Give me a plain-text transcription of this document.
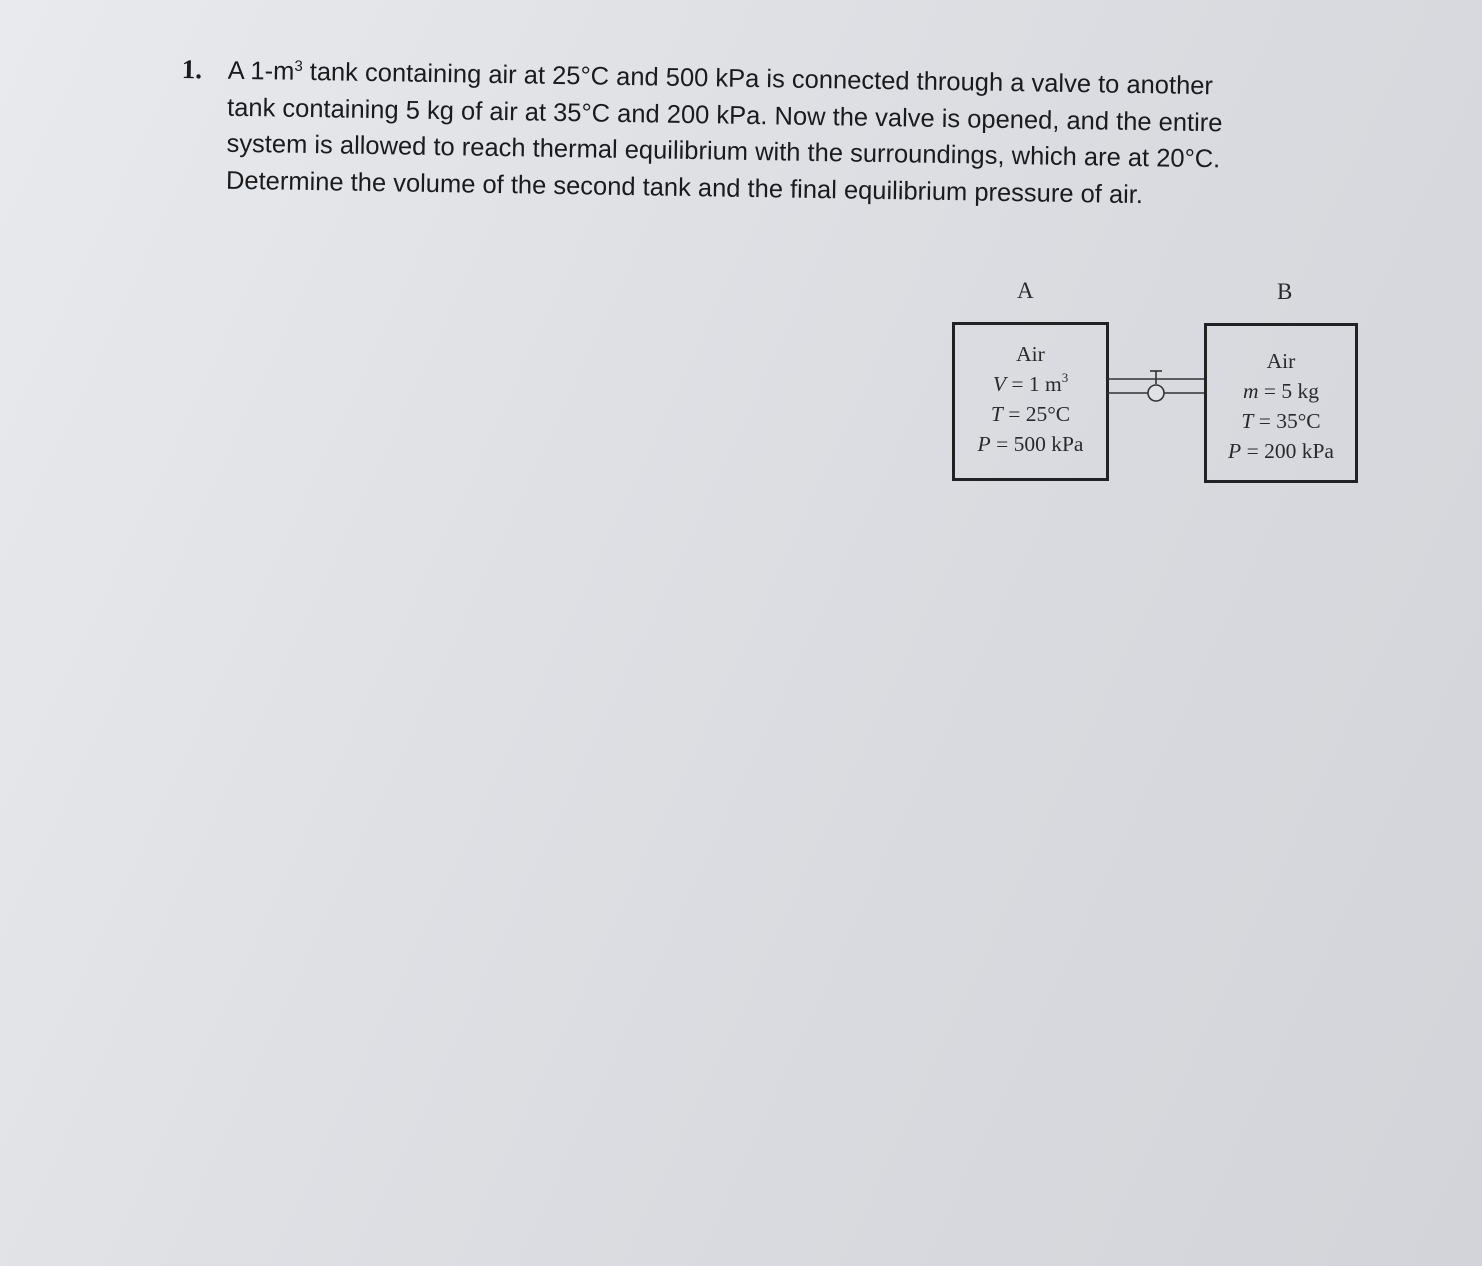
1. A $1-m^3$ tank containing air at 25°C and 500 kPa is connected through a valve to another
tank containing 5 kg of air at 35°C and 200 kPa. Now the valve is opened, and the entire
system is allowed to reach thermal equilibrium with the surroundings, which are at 20°C.
Determine the volume of the second tank and the final equilibrium pressure of air.
A	B
Air
V = 1 $m^3$
T = 25°C
P = 500 kPa
Air
m = 5 kg
T = 35°C
P = 200 kPa
